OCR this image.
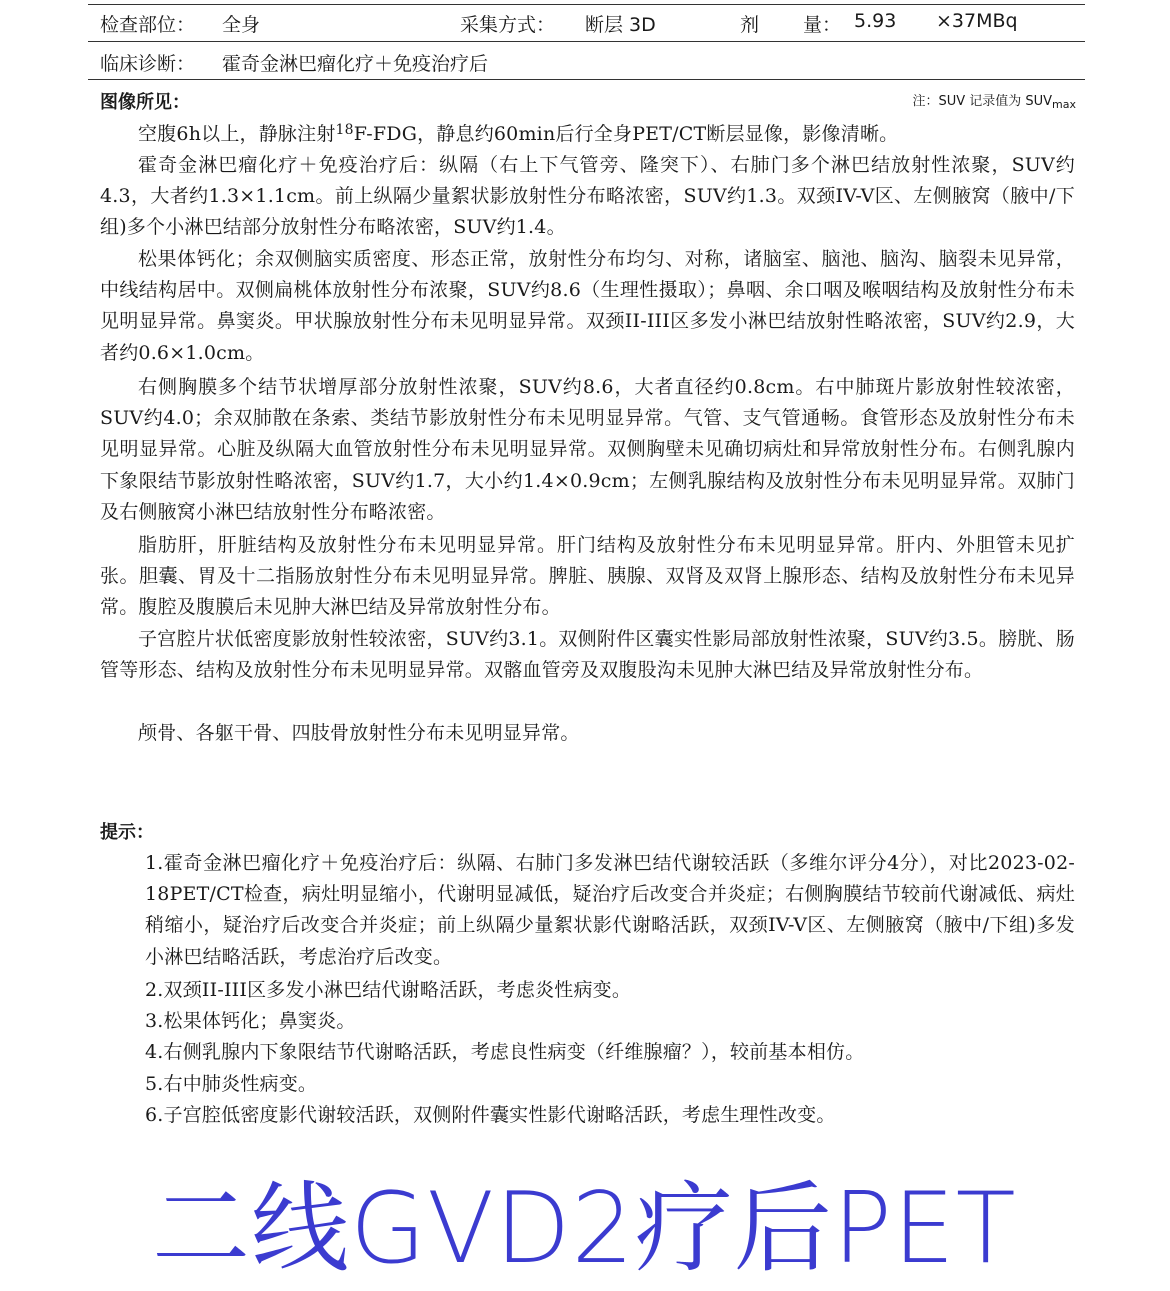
检查部位： 全身	采集方式： 断层 3D	剂 量： 5.93 ×37MBq
临床诊断： 霍奇金淋巴瘤化疗＋免疫治疗后
图像所见：	注：SUV 记录值为 $SUV_{max}$

空腹6h以上，静脉注射$^{18}$F-FDG，静息约60min后行全身PET/CT断层显像，影像清晰。

霍奇金淋巴瘤化疗＋免疫治疗后：纵隔（右上下气管旁、隆突下）、右肺门多个淋巴结放射性浓聚，SUV约4.3，大者约1.3×1.1cm。前上纵隔少量絮状影放射性分布略浓密，SUV约1.3。双颈IV-V区、左侧腋窝（腋中/下组)多个小淋巴结部分放射性分布略浓密，SUV约1.4。

松果体钙化；余双侧脑实质密度、形态正常，放射性分布均匀、对称，诸脑室、脑池、脑沟、脑裂未见异常，中线结构居中。双侧扁桃体放射性分布浓聚，SUV约8.6（生理性摄取）；鼻咽、余口咽及喉咽结构及放射性分布未见明显异常。鼻窦炎。甲状腺放射性分布未见明显异常。双颈II-III区多发小淋巴结放射性略浓密，SUV约2.9，大者约0.6×1.0cm。

右侧胸膜多个结节状增厚部分放射性浓聚，SUV约8.6，大者直径约0.8cm。右中肺斑片影放射性较浓密，SUV约4.0；余双肺散在条索、类结节影放射性分布未见明显异常。气管、支气管通畅。食管形态及放射性分布未见明显异常。心脏及纵隔大血管放射性分布未见明显异常。双侧胸壁未见确切病灶和异常放射性分布。右侧乳腺内下象限结节影放射性略浓密，SUV约1.7，大小约1.4×0.9cm；左侧乳腺结构及放射性分布未见明显异常。双肺门及右侧腋窝小淋巴结放射性分布略浓密。

脂肪肝，肝脏结构及放射性分布未见明显异常。肝门结构及放射性分布未见明显异常。肝内、外胆管未见扩张。胆囊、胃及十二指肠放射性分布未见明显异常。脾脏、胰腺、双肾及双肾上腺形态、结构及放射性分布未见异常。腹腔及腹膜后未见肿大淋巴结及异常放射性分布。

子宫腔片状低密度影放射性较浓密，SUV约3.1。双侧附件区囊实性影局部放射性浓聚，SUV约3.5。膀胱、肠管等形态、结构及放射性分布未见明显异常。双髂血管旁及双腹股沟未见肿大淋巴结及异常放射性分布。

颅骨、各躯干骨、四肢骨放射性分布未见明显异常。

提示：

1.霍奇金淋巴瘤化疗＋免疫治疗后：纵隔、右肺门多发淋巴结代谢较活跃（多维尔评分4分），对比2023-02-18PET/CT检查，病灶明显缩小，代谢明显减低，疑治疗后改变合并炎症；右侧胸膜结节较前代谢减低、病灶稍缩小，疑治疗后改变合并炎症；前上纵隔少量絮状影代谢略活跃，双颈IV-V区、左侧腋窝（腋中/下组)多发小淋巴结略活跃，考虑治疗后改变。

2.双颈II-III区多发小淋巴结代谢略活跃，考虑炎性病变。

3.松果体钙化；鼻窦炎。

4.右侧乳腺内下象限结节代谢略活跃，考虑良性病变（纤维腺瘤？），较前基本相仿。

5.右中肺炎性病变。

6.子宫腔低密度影代谢较活跃，双侧附件囊实性影代谢略活跃，考虑生理性改变。

二线GVD2疗后PET
